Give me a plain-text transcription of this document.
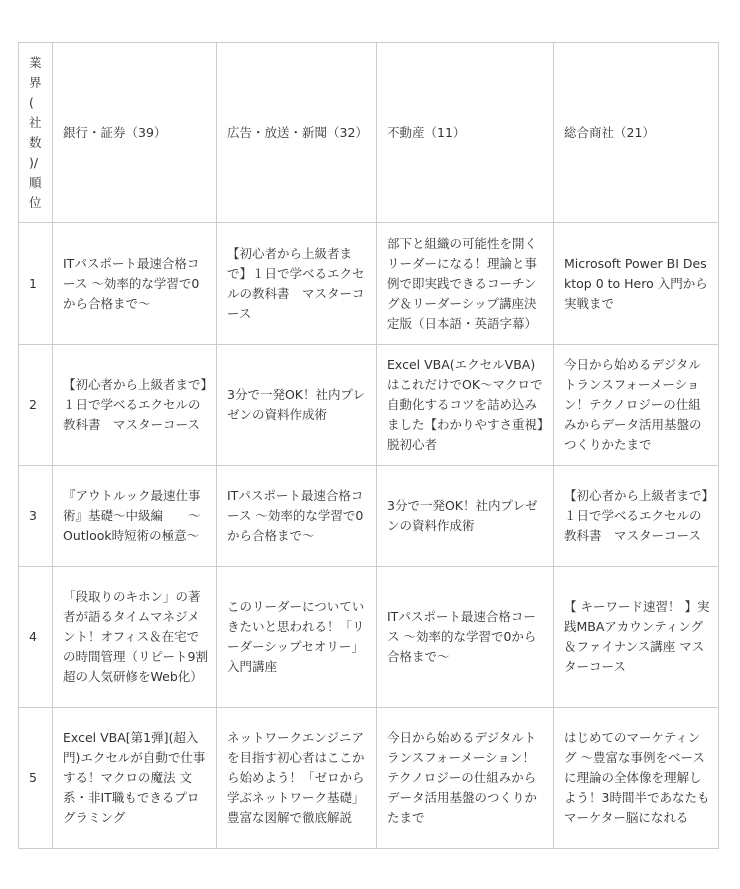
業界(社数)/順位	銀行・証券（39）	広告・放送・新聞（32）	不動産（11）	総合商社（21）
1	ITパスポート最速合格コース 〜効率的な学習で0から合格まで〜	【初心者から上級者まで】１日で学べるエクセルの教科書　マスターコース	部下と組織の可能性を開くリーダーになる！理論と事例で即実践できるコーチング＆リーダーシップ講座決定版（日本語・英語字幕）	Microsoft Power BI Desktop 0 to Hero 入門から実戦まで
2	【初心者から上級者まで】１日で学べるエクセルの教科書　マスターコース	3分で一発OK！社内プレゼンの資料作成術	Excel VBA(エクセルVBA)はこれだけでOK〜マクロで自動化するコツを詰め込みました【わかりやすさ重視】脱初心者	今日から始めるデジタルトランスフォーメーション！テクノロジーの仕組みからデータ活用基盤のつくりかたまで
3	『アウトルック最速仕事術』基礎〜中級編　　〜Outlook時短術の極意〜	ITパスポート最速合格コース 〜効率的な学習で0から合格まで〜	3分で一発OK！社内プレゼンの資料作成術	【初心者から上級者まで】１日で学べるエクセルの教科書　マスターコース
4	「段取りのキホン」の著者が語るタイムマネジメント！オフィス＆在宅での時間管理（リピート9割超の人気研修をWeb化）	このリーダーについていきたいと思われる！「リーダーシップセオリー」入門講座	ITパスポート最速合格コース 〜効率的な学習で0から合格まで〜	【 キーワード速習！ 】実践MBAアカウンティング＆ファイナンス講座 マスターコース
5	Excel VBA[第1弾](超入門)エクセルが自動で仕事する！マクロの魔法 文系・非IT職もできるプログラミング	ネットワークエンジニアを目指す初心者はここから始めよう！「ゼロから学ぶネットワーク基礎」豊富な図解で徹底解説	今日から始めるデジタルトランスフォーメーション！テクノロジーの仕組みからデータ活用基盤のつくりかたまで	はじめてのマーケティング 〜豊富な事例をベースに理論の全体像を理解しよう！3時間半であなたもマーケター脳になれる
